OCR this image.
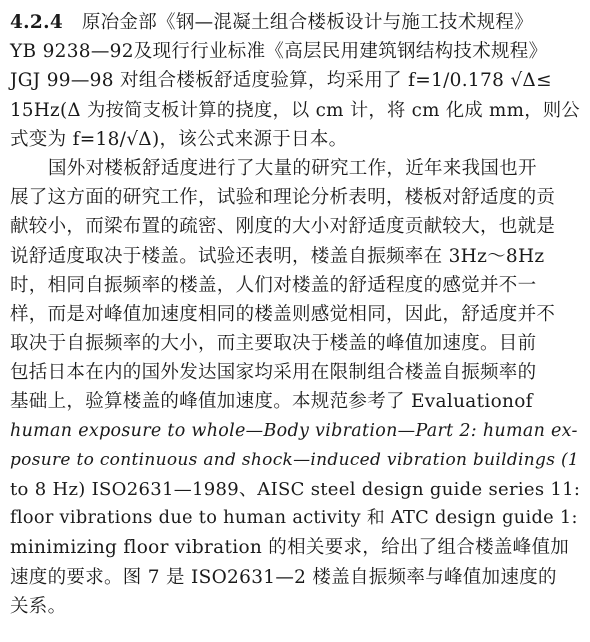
4.2.4  原冶金部《钢—混凝土组合楼板设计与施工技术规程》
YB 9238—92及现行行业标准《高层民用建筑钢结构技术规程》
JGJ 99—98 对组合楼板舒适度验算，均采用了 f=1/0.178 √Δ≤
15Hz(Δ 为按简支板计算的挠度，以 cm 计，将 cm 化成 mm，则公
式变为 f=18/√Δ)，该公式来源于日本。
国外对楼板舒适度进行了大量的研究工作，近年来我国也开
展了这方面的研究工作，试验和理论分析表明，楼板对舒适度的贡
献较小，而梁布置的疏密、刚度的大小对舒适度贡献较大，也就是
说舒适度取决于楼盖。试验还表明，楼盖自振频率在 3Hz～8Hz
时，相同自振频率的楼盖，人们对楼盖的舒适程度的感觉并不一
样，而是对峰值加速度相同的楼盖则感觉相同，因此，舒适度并不
取决于自振频率的大小，而主要取决于楼盖的峰值加速度。目前
包括日本在内的国外发达国家均采用在限制组合楼盖自振频率的
基础上，验算楼盖的峰值加速度。本规范参考了 Evaluationof
human exposure to whole—Body vibration—Part 2: human ex-
posure to continuous and shock—induced vibration buildings (1
to 8 Hz) ISO2631—1989、AISC steel design guide series 11:
floor vibrations due to human activity 和 ATC design guide 1:
minimizing floor vibration 的相关要求，给出了组合楼盖峰值加
速度的要求。图 7 是 ISO2631—2 楼盖自振频率与峰值加速度的
关系。
